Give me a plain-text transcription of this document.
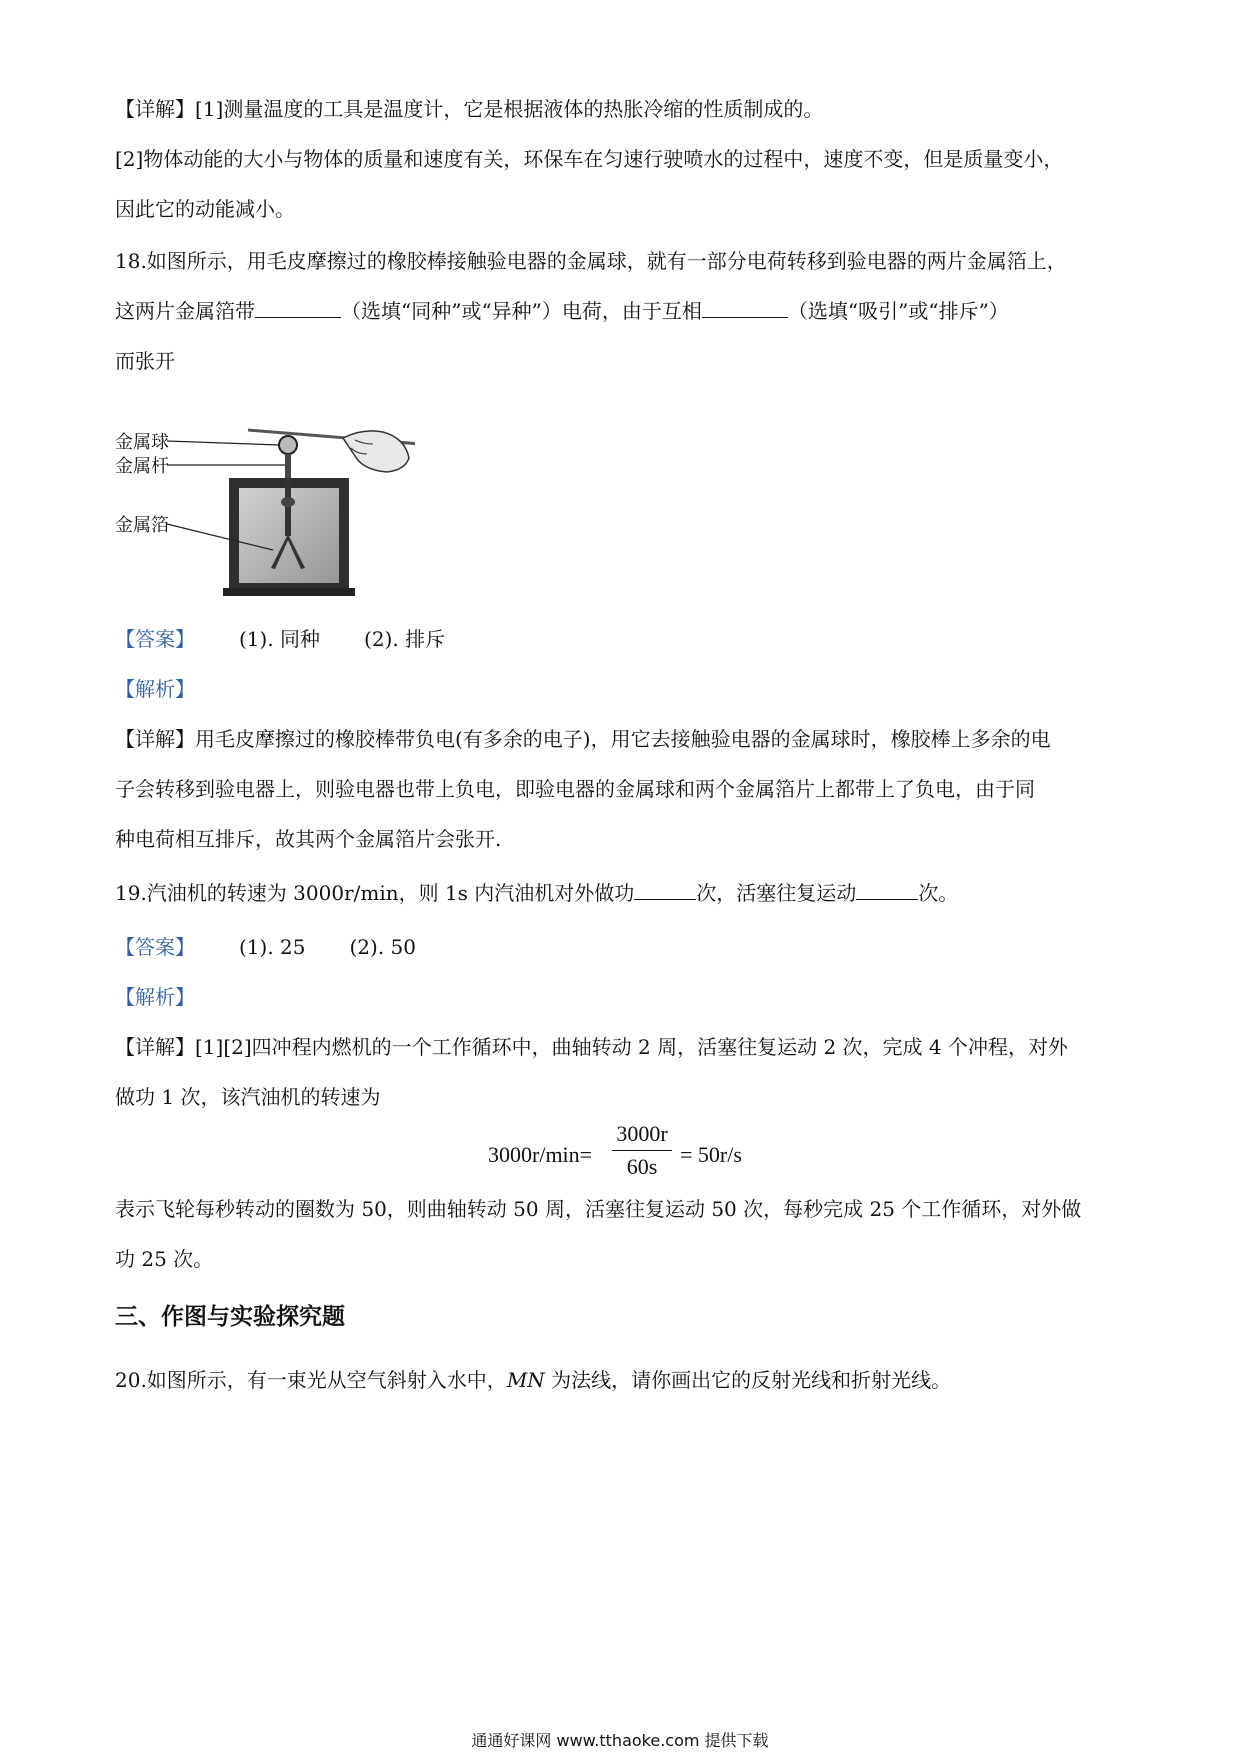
【详解】[1]测量温度的工具是温度计，它是根据液体的热胀冷缩的性质制成的。
[2]物体动能的大小与物体的质量和速度有关，环保车在匀速行驶喷水的过程中，速度不变，但是质量变小，
因此它的动能减小。
18.如图所示，用毛皮摩擦过的橡胶棒接触验电器的金属球，就有一部分电荷转移到验电器的两片金属箔上，
这两片金属箔带	（选填“同种”或“异种”）电荷，由于互相	（选填“吸引”或“排斥”）
而张开
金属球
金属杆
金属箔
【答案】 (1). 同种 (2). 排斥
【解析】
【详解】用毛皮摩擦过的橡胶棒带负电(有多余的电子)，用它去接触验电器的金属球时，橡胶棒上多余的电
子会转移到验电器上，则验电器也带上负电，即验电器的金属球和两个金属箔片上都带上了负电，由于同
种电荷相互排斥，故其两个金属箔片会张开.
19.汽油机的转速为 3000r/min，则 1s 内汽油机对外做功	次，活塞往复运动	次。
【答案】 (1). 25 (2). 50
【解析】
【详解】[1][2]四冲程内燃机的一个工作循环中，曲轴转动 2 周，活塞往复运动 2 次，完成 4 个冲程，对外
做功 1 次，该汽油机的转速为
3000r/min=
3000r
60s	= 50r/s
表示飞轮每秒转动的圈数为 50，则曲轴转动 50 周，活塞往复运动 50 次，每秒完成 25 个工作循环，对外做
功 25 次。
三、作图与实验探究题
20.如图所示，有一束光从空气斜射入水中，MN 为法线，请你画出它的反射光线和折射光线。
通通好课网 www.tthaoke.com 提供下载
